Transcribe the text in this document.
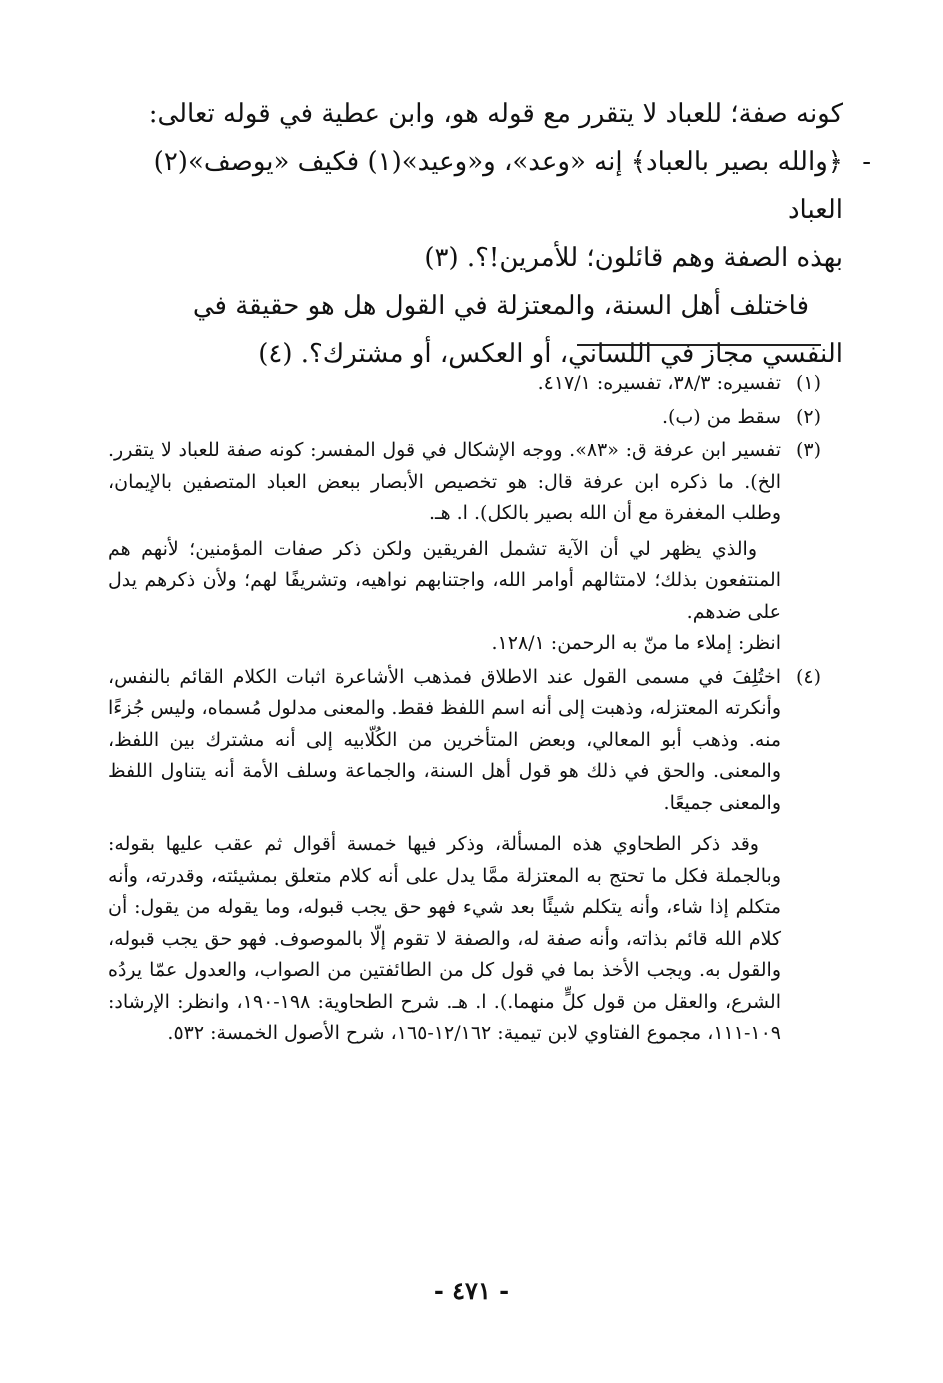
كونه صفة؛ للعباد لا يتقرر مع قوله هو، وابن عطية في قوله تعالى:

-
﴿والله بصير بالعباد﴾ إنه «وعد»، و«وعيد»(١) فكيف «يوصف»(٢) العباد

بهذه الصفة وهم قائلون؛ للأمرين!؟. (٣)

فاختلف أهل السنة، والمعتزلة في القول هل هو حقيقة في النفسي مجاز في اللساني، أو العكس، أو مشترك؟. (٤)

(١)

تفسيره: ٣٨/٣، تفسيره: ٤١٧/١.

(٢)

سقط من (ب).

(٣)

تفسير ابن عرفة ق: «٨٣». ووجه الإشكال في قول المفسر: كونه صفة للعباد لا يتقرر. الخ). ما ذكره ابن عرفة قال: هو تخصيص الأبصار ببعض العباد المتصفين بالإيمان، وطلب المغفرة مع أن الله بصير بالكل). ا. هـ.

والذي يظهر لي أن الآية تشمل الفريقين ولكن ذكر صفات المؤمنين؛ لأنهم هم المنتفعون بذلك؛ لامتثالهم أوامر الله، واجتنابهم نواهيه، وتشريفًا لهم؛ ولأن ذكرهم يدل على ضدهم.

انظر: إملاء ما منّ به الرحمن: ١٢٨/١.

(٤)

اختُلِفَ في مسمى القول عند الاطلاق فمذهب الأشاعرة اثبات الكلام القائم بالنفس، وأنكرته المعتزله، وذهبت إلى أنه اسم اللفظ فقط. والمعنى مدلول مُسماه، وليس جُزءًا منه. وذهب أبو المعالي، وبعض المتأخرين من الكُلّابيه إلى أنه مشترك بين اللفظ، والمعنى. والحق في ذلك هو قول أهل السنة، والجماعة وسلف الأمة أنه يتناول اللفظ والمعنى جميعًا.

وقد ذكر الطحاوي هذه المسألة، وذكر فيها خمسة أقوال ثم عقب عليها بقوله: وبالجملة فكل ما تحتج به المعتزلة ممَّا يدل على أنه كلام متعلق بمشيئته، وقدرته، وأنه متكلم إذا شاء، وأنه يتكلم شيئًا بعد شيء فهو حق يجب قبوله، وما يقوله من يقول: أن كلام الله قائم بذاته، وأنه صفة له، والصفة لا تقوم إلّا بالموصوف. فهو حق يجب قبوله، والقول به. ويجب الأخذ بما في قول كل من الطائفتين من الصواب، والعدول عمّا يردُه الشرع، والعقل من قول كلٍّ منهما.). ا. هـ. شرح الطحاوية: ١٩٨-١٩٠، وانظر: الإرشاد: ١٠٩-١١١، مجموع الفتاوي لابن تيمية: ١٢/١٦٢-١٦٥، شرح الأصول الخمسة: ٥٣٢.

- ٤٧١ -
